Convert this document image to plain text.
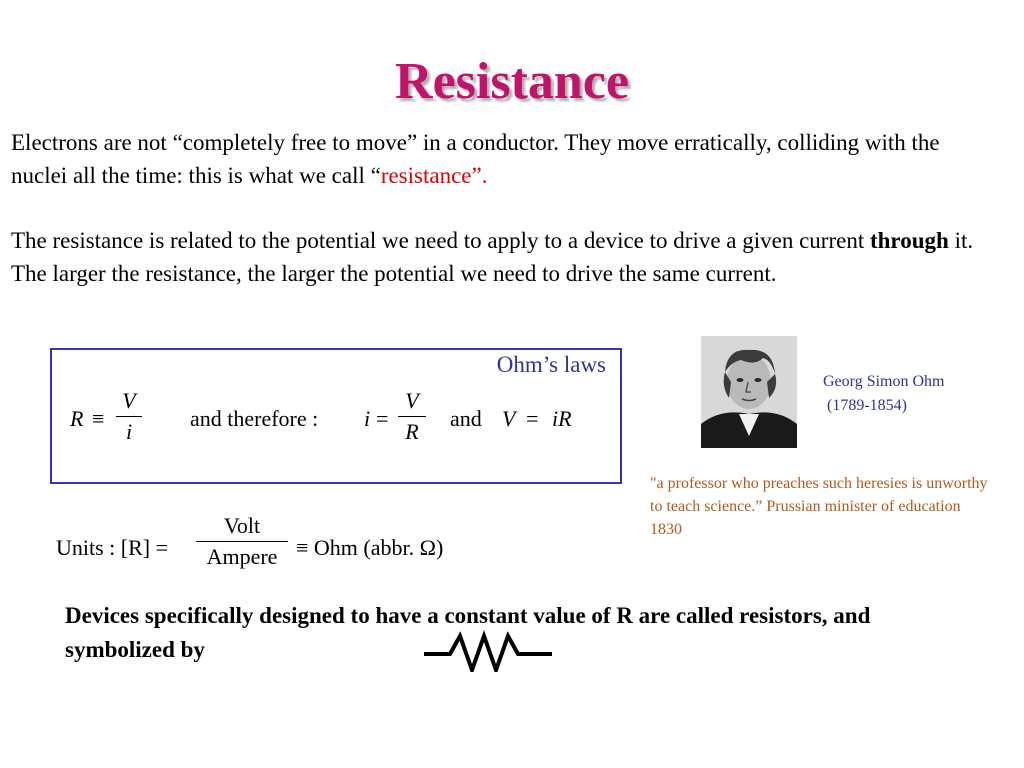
Resistance
Electrons are not “completely free to move” in a conductor. They move erratically, colliding with the nuclei all the time: this is what we call “resistance”.
The resistance is related to the potential we need to apply to a device to drive a given current through it. The larger the resistance, the larger the potential we need to drive the same current.
Ohm’s laws
R ≡
V
i
and therefore : i =
V
R
and V = iR
Georg Simon Ohm
(1789-1854)
"a professor who preaches such heresies is unworthy to teach science.” Prussian minister of education 1830
Units : [R] =
Volt
Ampere ≡ Ohm (abbr. Ω)
Devices specifically designed to have a constant value of R are called resistors, and symbolized by
